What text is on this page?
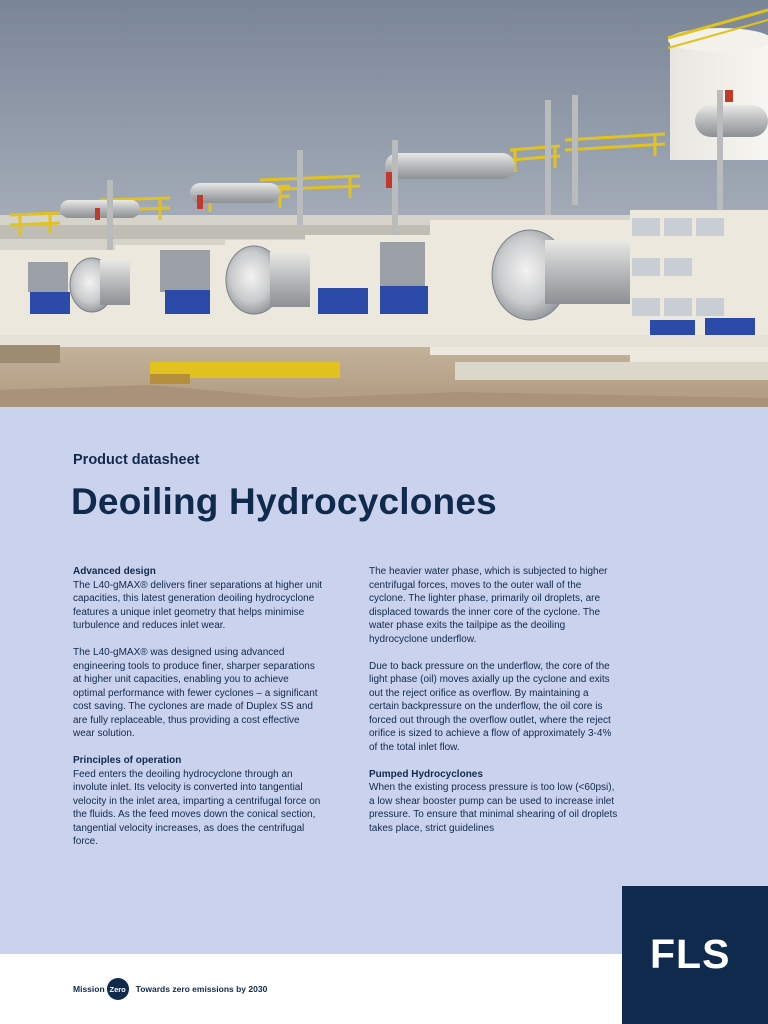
Product datasheet
Deoiling Hydrocyclones
Advanced design

The L40-gMAX® delivers finer separations at higher unit capacities, this latest generation deoiling hydrocyclone features a unique inlet geometry that helps minimise turbulence and reduces inlet wear.

The L40-gMAX® was designed using advanced engineering tools to produce finer, sharper separations at higher unit capacities, enabling you to achieve optimal performance with fewer cyclones – a significant cost saving. The cyclones are made of Duplex SS and are fully replaceable, thus providing a cost effective wear solution.

Principles of operation

Feed enters the deoiling hydrocyclone through an involute inlet. Its velocity is converted into tangential velocity in the inlet area, imparting a centrifugal force on the fluids. As the feed moves down the conical section, tangential velocity increases, as does the centrifugal force.

The heavier water phase, which is subjected to higher centrifugal forces, moves to the outer wall of the cyclone. The lighter phase, primarily oil droplets, are displaced towards the inner core of the cyclone. The water phase exits the tailpipe as the deoiling hydrocyclone underflow.

Due to back pressure on the underflow, the core of the light phase (oil) moves axially up the cyclone and exits out the reject orifice as overflow. By maintaining a certain backpressure on the underflow, the oil core is forced out through the overflow outlet, where the reject orifice is sized to achieve a flow of approximately 3-4% of the total inlet flow.

Pumped Hydrocyclones

When the existing process pressure is too low (<60psi), a low shear booster pump can be used to increase inlet pressure. To ensure that minimal shearing of oil droplets takes place, strict guidelines

FLS
Mission Zero	Towards zero emissions by 2030
